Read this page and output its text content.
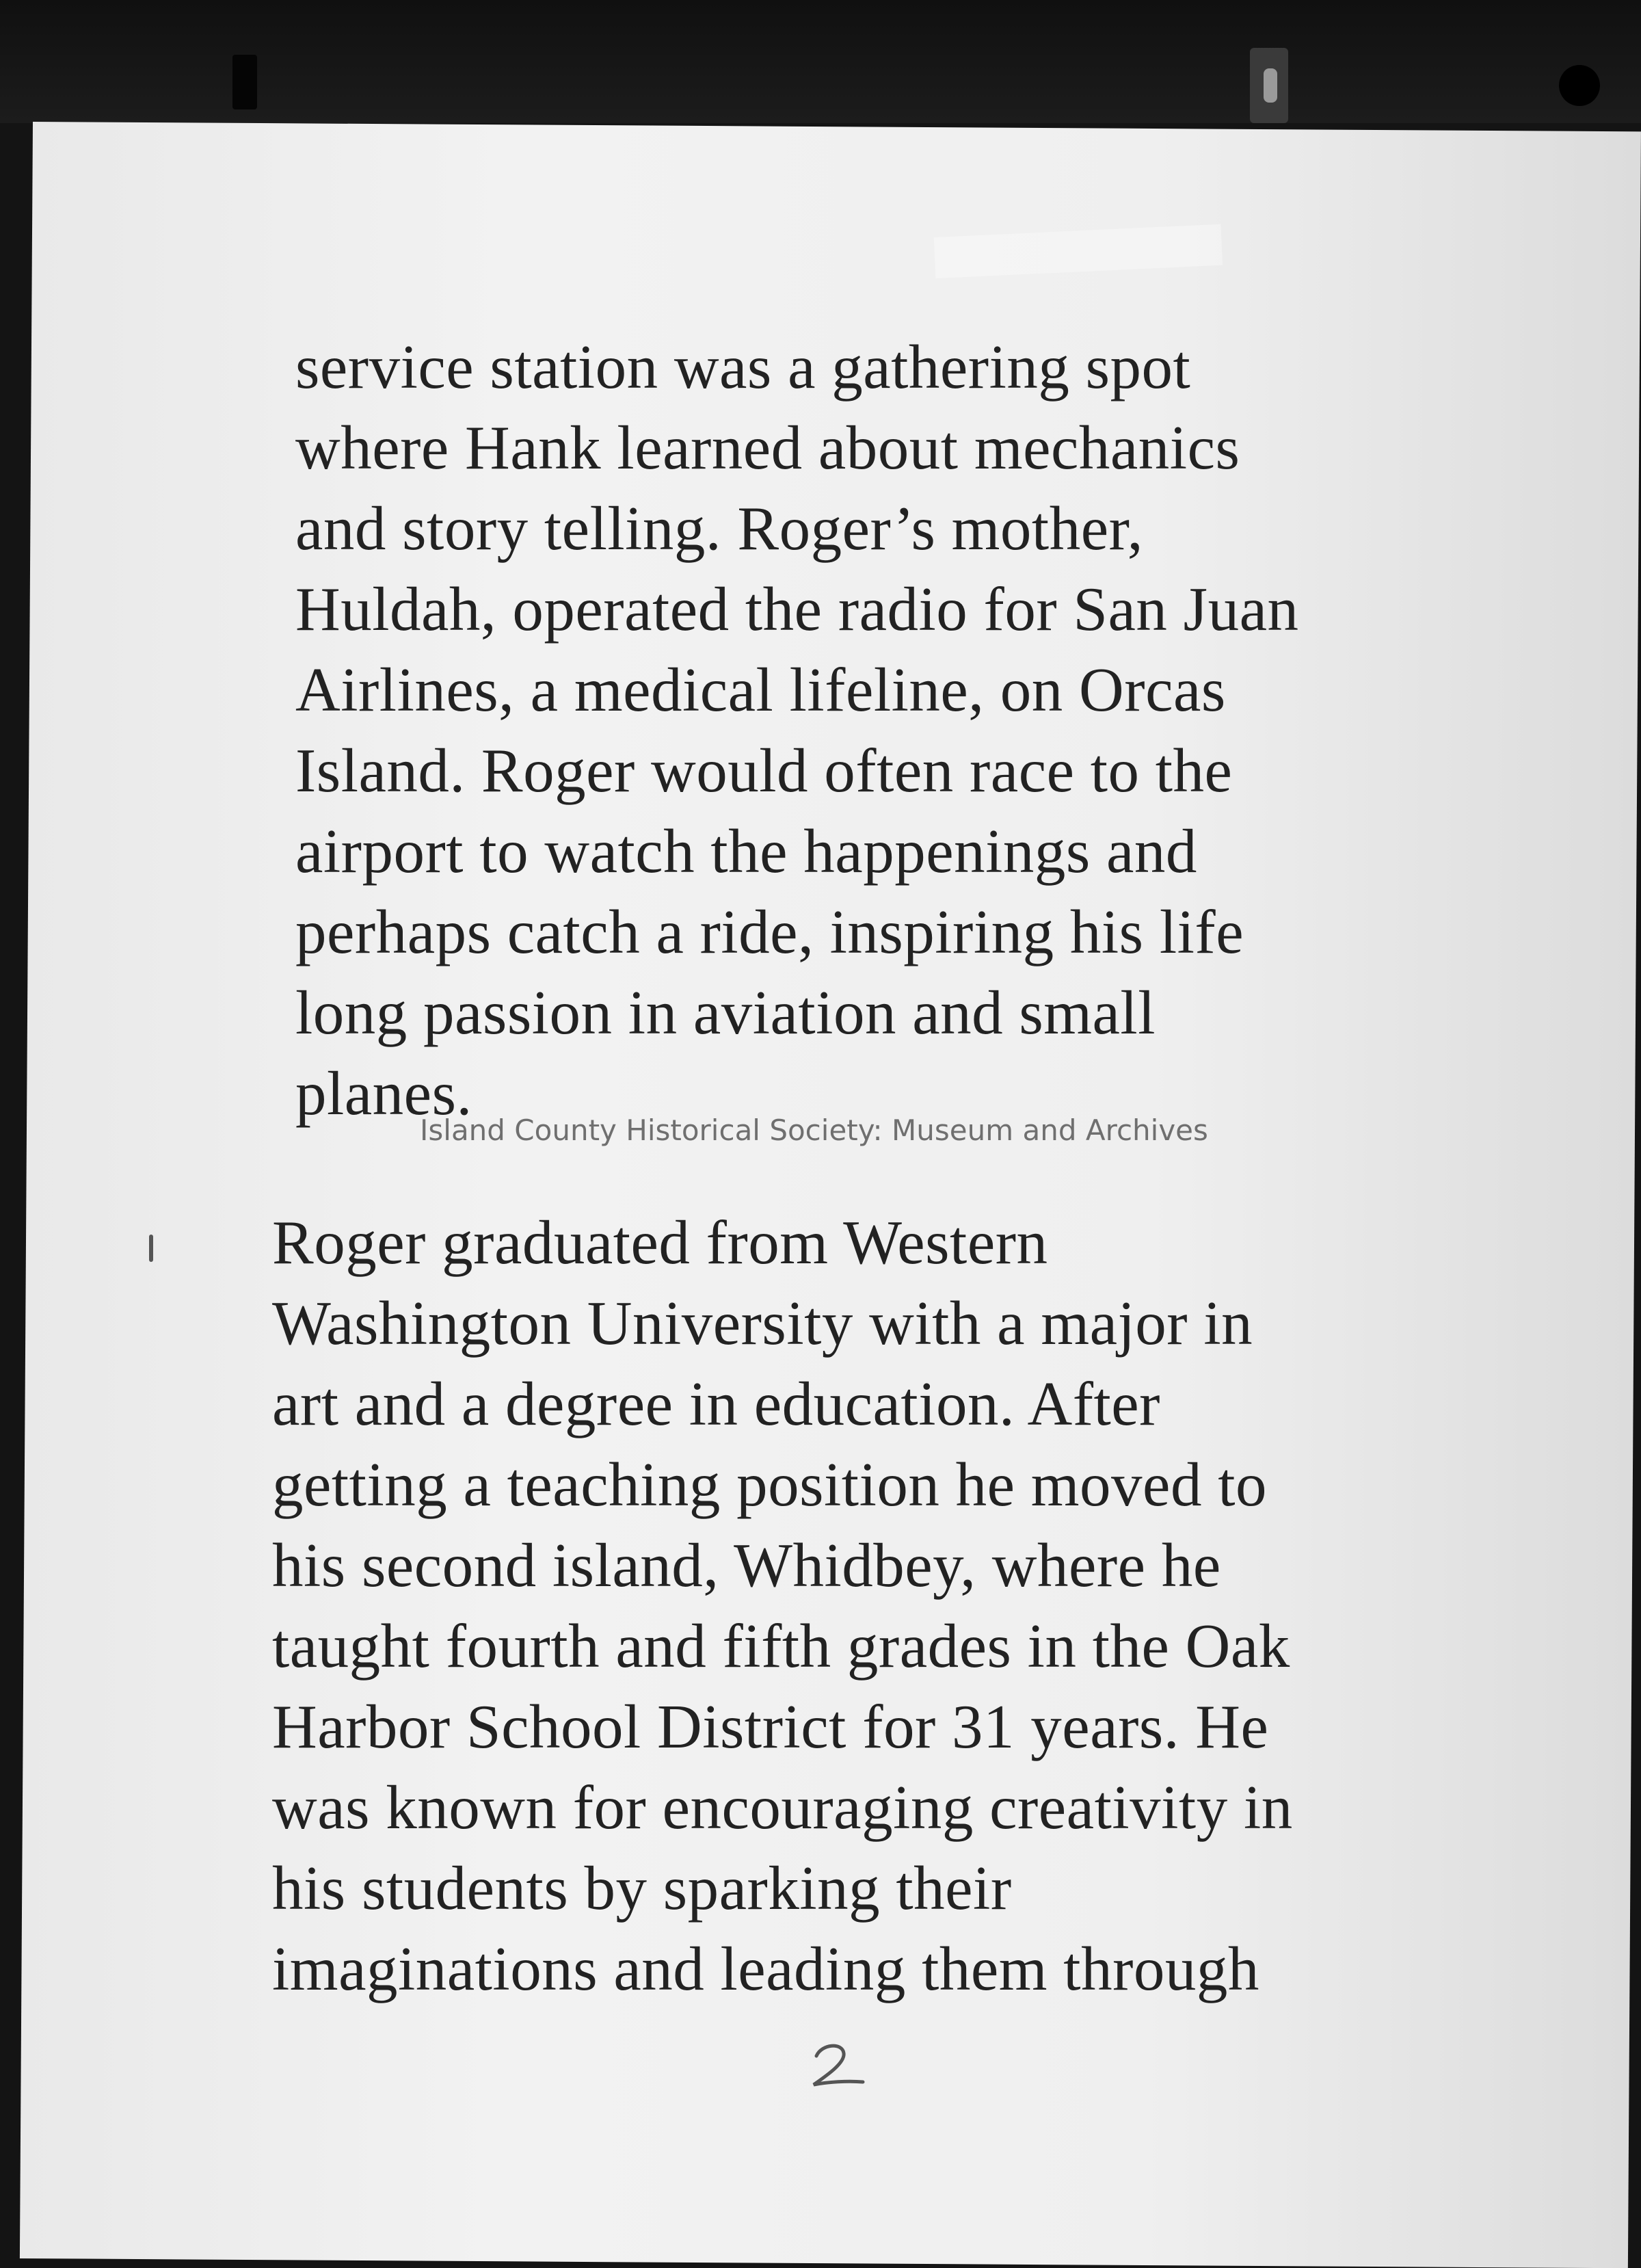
service station was a gathering spot
where Hank learned about mechanics
and story telling. Roger’s mother,
Huldah, operated the radio for San Juan
Airlines, a medical lifeline, on Orcas
Island. Roger would often race to the
airport to watch the happenings and
perhaps catch a ride, inspiring his life
long passion in aviation and small
planes.
Island County Historical Society: Museum and Archives
Roger graduated from Western
Washington University with a major in
art and a degree in education. After
getting a teaching position he moved to
his second island, Whidbey, where he
taught fourth and fifth grades in the Oak
Harbor School District for 31 years. He
was known for encouraging creativity in
his students by sparking their
imaginations and leading them through
